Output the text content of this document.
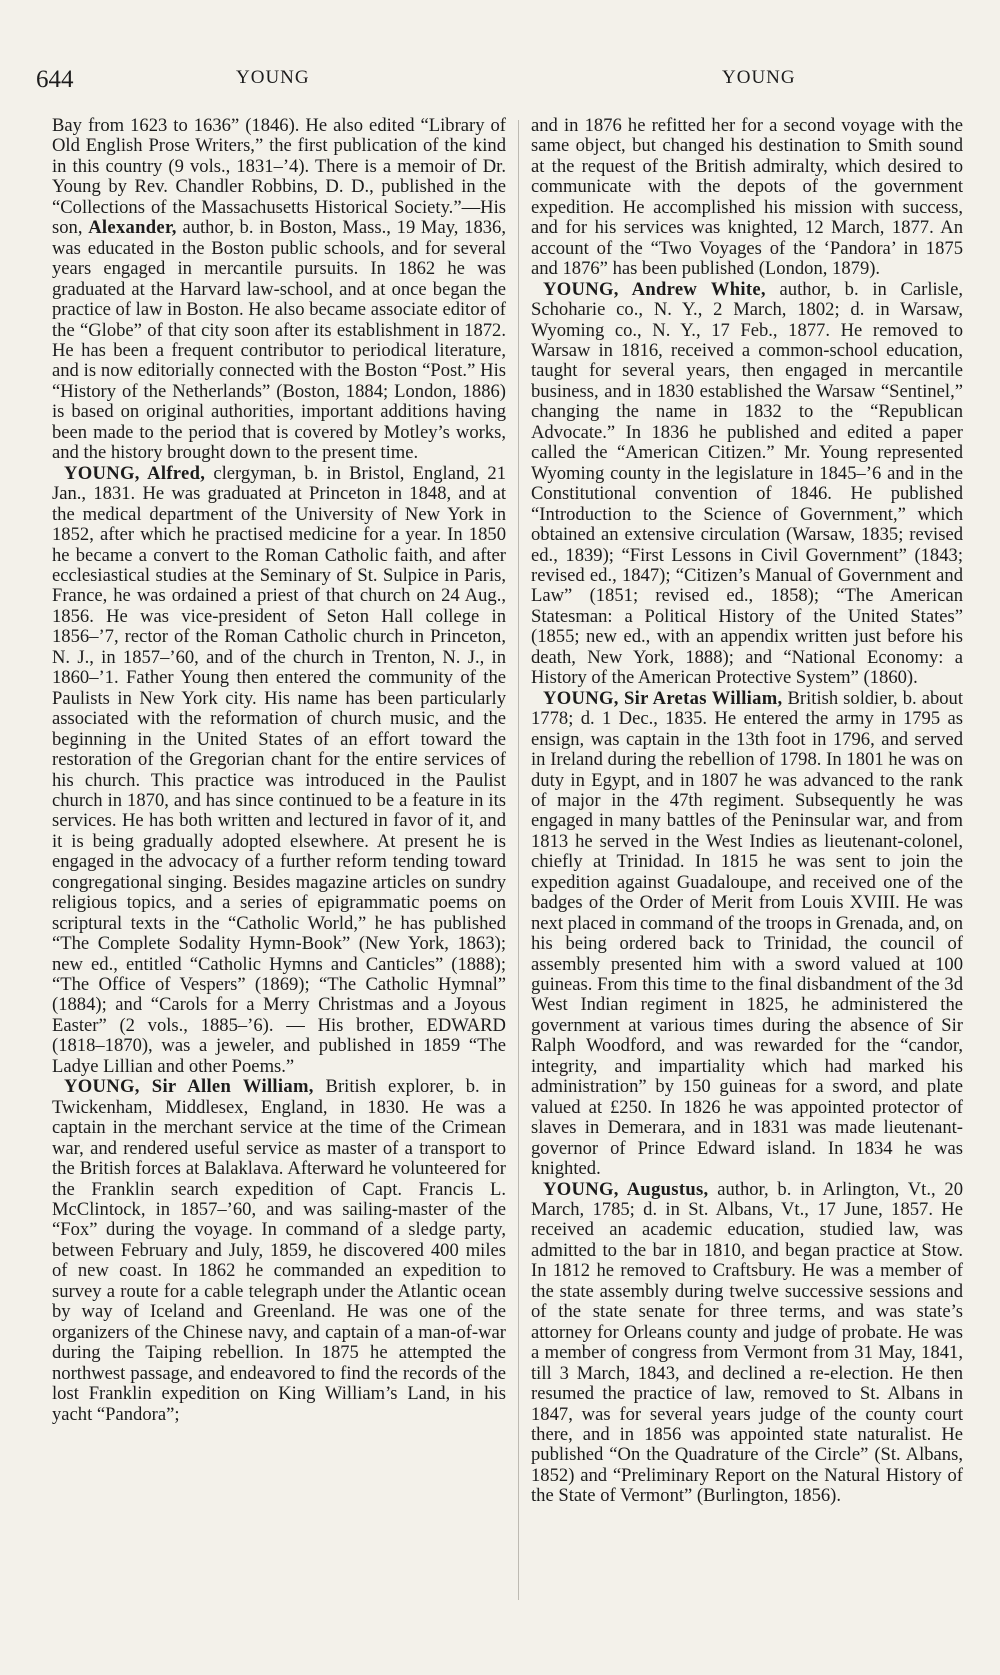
644	YOUNG	YOUNG

Bay from 1623 to 1636” (1846). He also edited “Library of Old English Prose Writers,” the first publication of the kind in this country (9 vols., 1831–’4). There is a memoir of Dr. Young by Rev. Chandler Robbins, D. D., published in the “Collections of the Massachusetts Historical Society.”—His son, Alexander, author, b. in Boston, Mass., 19 May, 1836, was educated in the Boston public schools, and for several years engaged in mercantile pursuits. In 1862 he was graduated at the Harvard law-school, and at once began the practice of law in Boston. He also became associate editor of the “Globe” of that city soon after its establishment in 1872. He has been a frequent contributor to periodical literature, and is now editorially connected with the Boston “Post.” His “History of the Netherlands” (Boston, 1884; London, 1886) is based on original authorities, important additions having been made to the period that is covered by Motley’s works, and the history brought down to the present time.

YOUNG, Alfred, clergyman, b. in Bristol, England, 21 Jan., 1831. He was graduated at Princeton in 1848, and at the medical department of the University of New York in 1852, after which he practised medicine for a year. In 1850 he became a convert to the Roman Catholic faith, and after ecclesiastical studies at the Seminary of St. Sulpice in Paris, France, he was ordained a priest of that church on 24 Aug., 1856. He was vice-president of Seton Hall college in 1856–’7, rector of the Roman Catholic church in Princeton, N. J., in 1857–’60, and of the church in Trenton, N. J., in 1860–’1. Father Young then entered the community of the Paulists in New York city. His name has been particularly associated with the reformation of church music, and the beginning in the United States of an effort toward the restoration of the Gregorian chant for the entire services of his church. This practice was introduced in the Paulist church in 1870, and has since continued to be a feature in its services. He has both written and lectured in favor of it, and it is being gradually adopted elsewhere. At present he is engaged in the advocacy of a further reform tending toward congregational singing. Besides magazine articles on sundry religious topics, and a series of epigrammatic poems on scriptural texts in the “Catholic World,” he has published “The Complete Sodality Hymn-Book” (New York, 1863); new ed., entitled “Catholic Hymns and Canticles” (1888); “The Office of Vespers” (1869); “The Catholic Hymnal” (1884); and “Carols for a Merry Christmas and a Joyous Easter” (2 vols., 1885–’6). — His brother, EDWARD (1818–1870), was a jeweler, and published in 1859 “The Ladye Lillian and other Poems.”

YOUNG, Sir Allen William, British explorer, b. in Twickenham, Middlesex, England, in 1830. He was a captain in the merchant service at the time of the Crimean war, and rendered useful service as master of a transport to the British forces at Balaklava. Afterward he volunteered for the Franklin search expedition of Capt. Francis L. McClintock, in 1857–’60, and was sailing-master of the “Fox” during the voyage. In command of a sledge party, between February and July, 1859, he discovered 400 miles of new coast. In 1862 he commanded an expedition to survey a route for a cable telegraph under the Atlantic ocean by way of Iceland and Greenland. He was one of the organizers of the Chinese navy, and captain of a man-of-war during the Taiping rebellion. In 1875 he attempted the northwest passage, and endeavored to find the records of the lost Franklin expedition on King William’s Land, in his yacht “Pandora”;

and in 1876 he refitted her for a second voyage with the same object, but changed his destination to Smith sound at the request of the British admiralty, which desired to communicate with the depots of the government expedition. He accomplished his mission with success, and for his services was knighted, 12 March, 1877. An account of the “Two Voyages of the ‘Pandora’ in 1875 and 1876” has been published (London, 1879).

YOUNG, Andrew White, author, b. in Carlisle, Schoharie co., N. Y., 2 March, 1802; d. in Warsaw, Wyoming co., N. Y., 17 Feb., 1877. He removed to Warsaw in 1816, received a common-school education, taught for several years, then engaged in mercantile business, and in 1830 established the Warsaw “Sentinel,” changing the name in 1832 to the “Republican Advocate.” In 1836 he published and edited a paper called the “American Citizen.” Mr. Young represented Wyoming county in the legislature in 1845–’6 and in the Constitutional convention of 1846. He published “Introduction to the Science of Government,” which obtained an extensive circulation (Warsaw, 1835; revised ed., 1839); “First Lessons in Civil Government” (1843; revised ed., 1847); “Citizen’s Manual of Government and Law” (1851; revised ed., 1858); “The American Statesman: a Political History of the United States” (1855; new ed., with an appendix written just before his death, New York, 1888); and “National Economy: a History of the American Protective System” (1860).

YOUNG, Sir Aretas William, British soldier, b. about 1778; d. 1 Dec., 1835. He entered the army in 1795 as ensign, was captain in the 13th foot in 1796, and served in Ireland during the rebellion of 1798. In 1801 he was on duty in Egypt, and in 1807 he was advanced to the rank of major in the 47th regiment. Subsequently he was engaged in many battles of the Peninsular war, and from 1813 he served in the West Indies as lieutenant-colonel, chiefly at Trinidad. In 1815 he was sent to join the expedition against Guadaloupe, and received one of the badges of the Order of Merit from Louis XVIII. He was next placed in command of the troops in Grenada, and, on his being ordered back to Trinidad, the council of assembly presented him with a sword valued at 100 guineas. From this time to the final disbandment of the 3d West Indian regiment in 1825, he administered the government at various times during the absence of Sir Ralph Woodford, and was rewarded for the “candor, integrity, and impartiality which had marked his administration” by 150 guineas for a sword, and plate valued at £250. In 1826 he was appointed protector of slaves in Demerara, and in 1831 was made lieutenant-governor of Prince Edward island. In 1834 he was knighted.

YOUNG, Augustus, author, b. in Arlington, Vt., 20 March, 1785; d. in St. Albans, Vt., 17 June, 1857. He received an academic education, studied law, was admitted to the bar in 1810, and began practice at Stow. In 1812 he removed to Craftsbury. He was a member of the state assembly during twelve successive sessions and of the state senate for three terms, and was state’s attorney for Orleans county and judge of probate. He was a member of congress from Vermont from 31 May, 1841, till 3 March, 1843, and declined a re-election. He then resumed the practice of law, removed to St. Albans in 1847, was for several years judge of the county court there, and in 1856 was appointed state naturalist. He published “On the Quadrature of the Circle” (St. Albans, 1852) and “Preliminary Report on the Natural History of the State of Vermont” (Burlington, 1856).
